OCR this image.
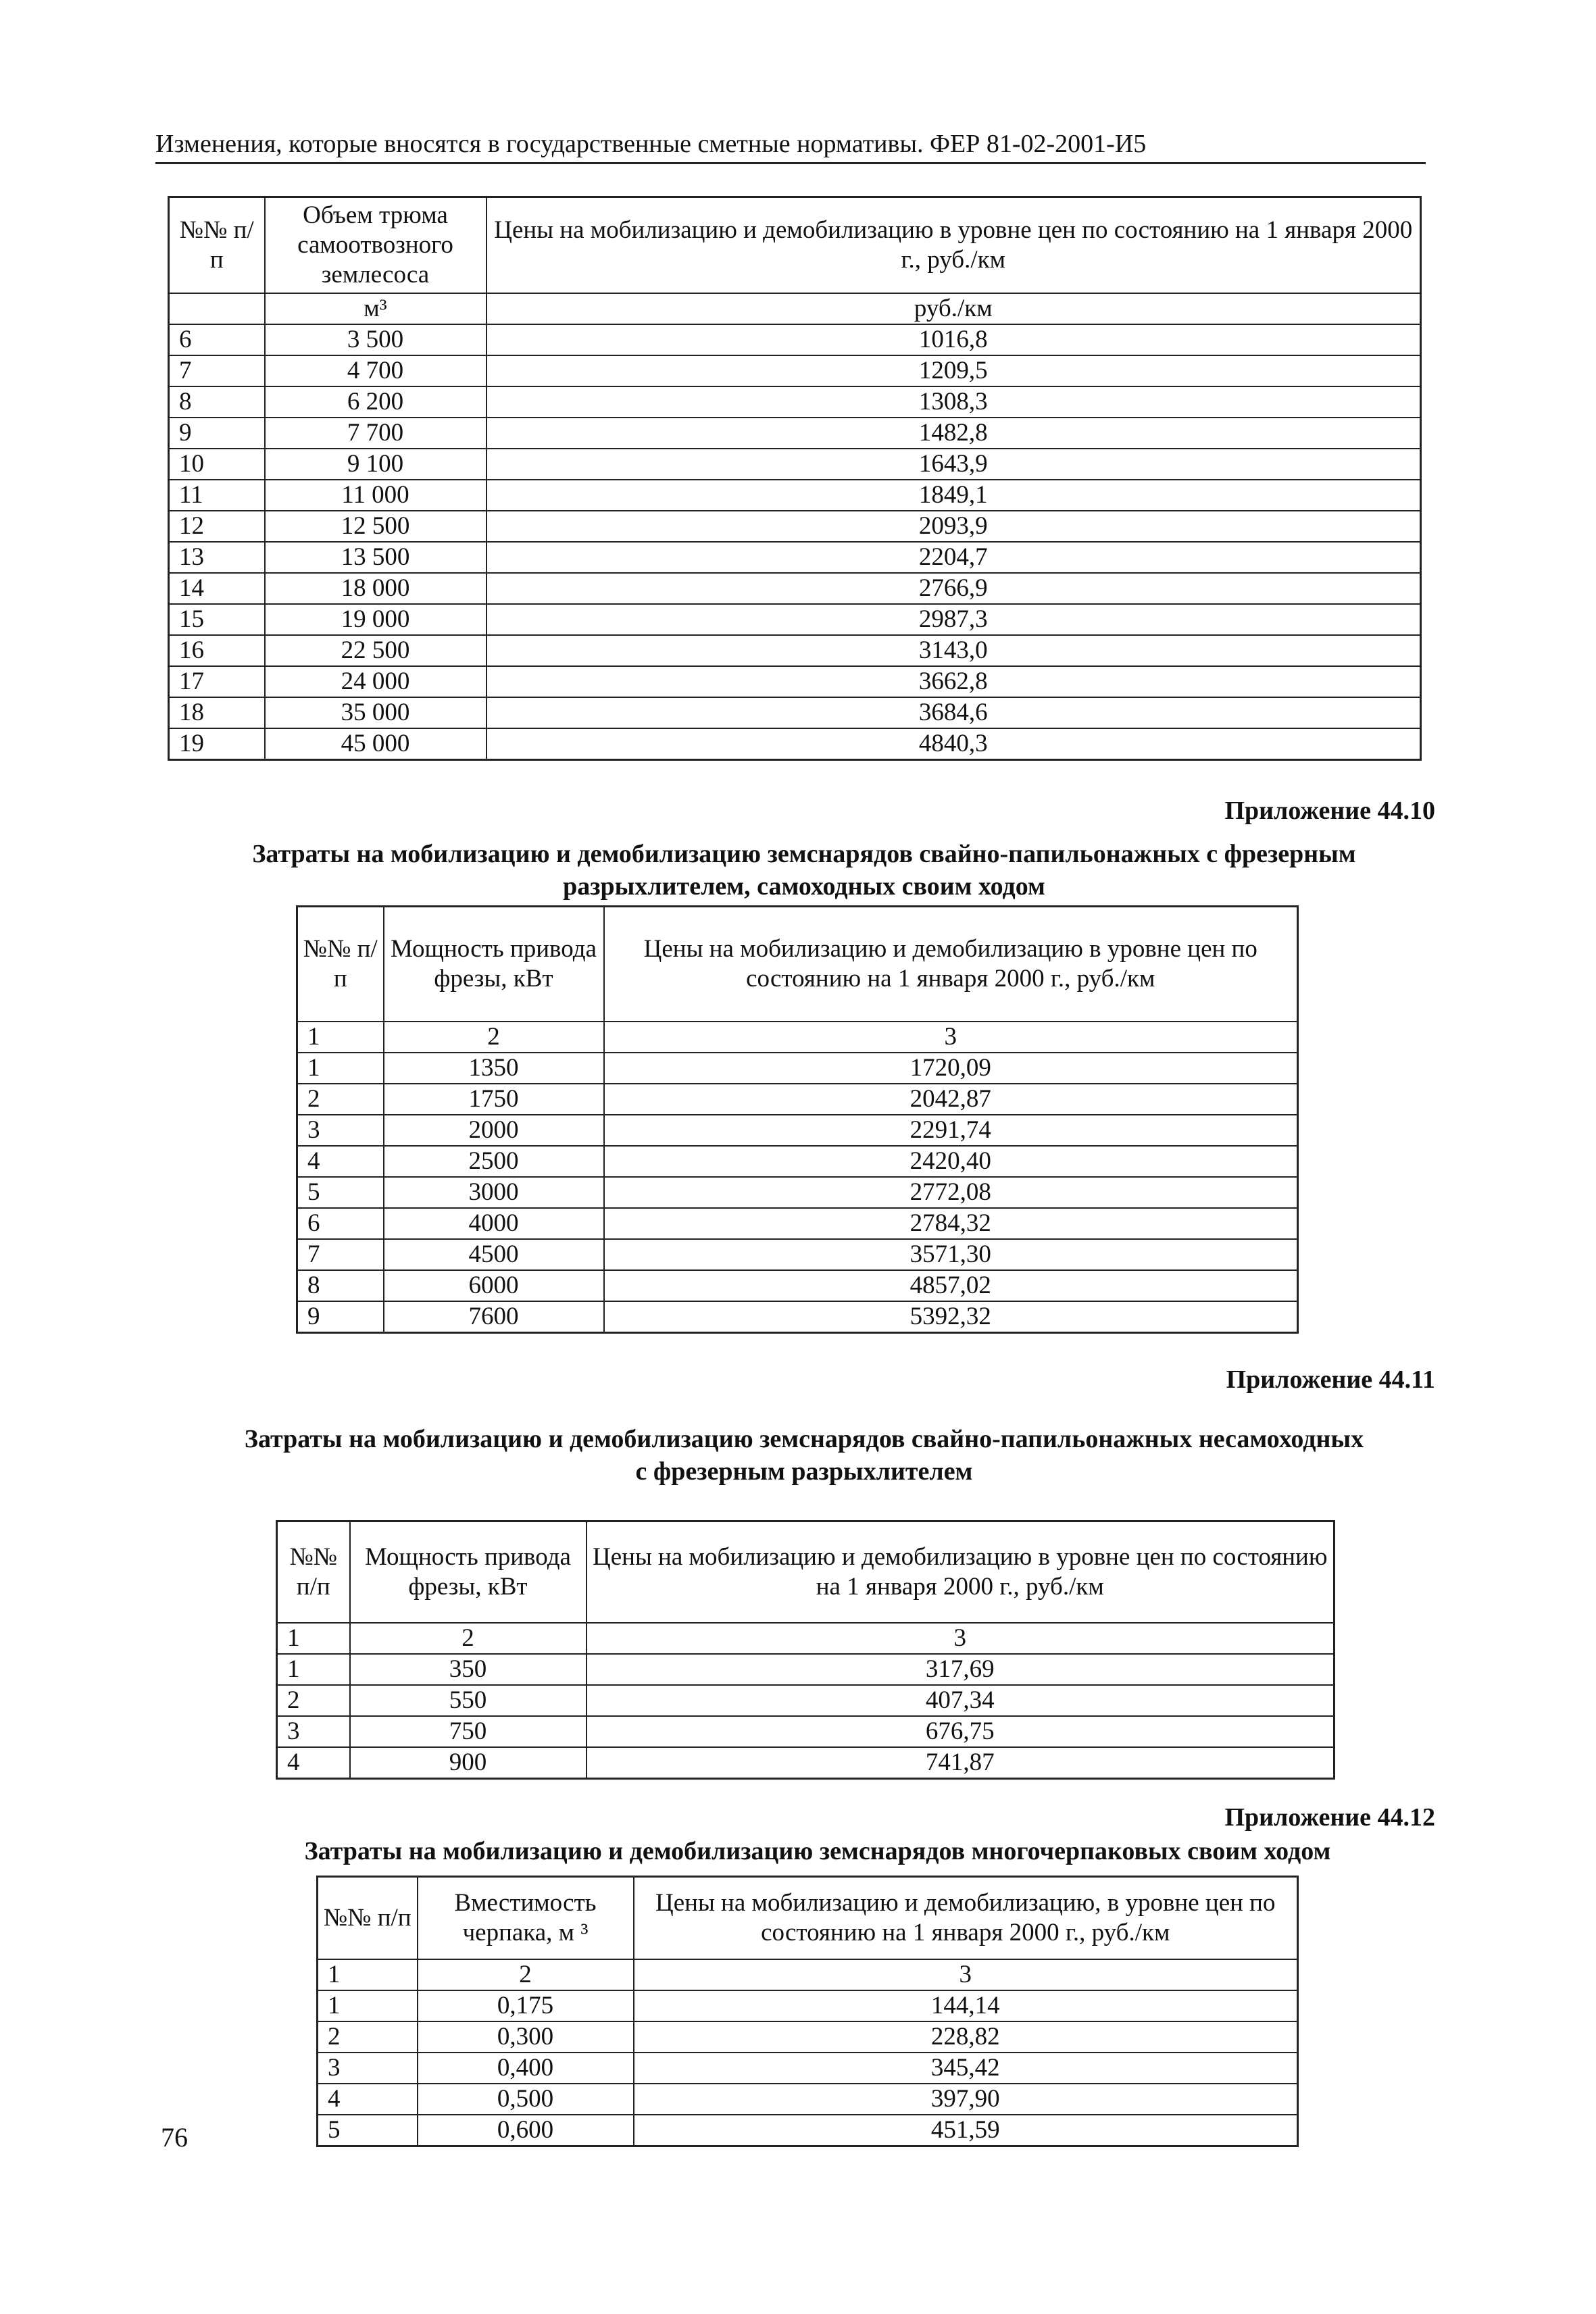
Изменения, которые вносятся в государственные сметные нормативы. ФЕР 81-02-2001-И5
№№ п/п	Объем трюма самоотвозного землесоса	Цены на мобилизацию и демобилизацию в уровне цен по состоянию на 1 января 2000 г., руб./км
	м³	руб./км
6	3 500	1016,8
7	4 700	1209,5
8	6 200	1308,3
9	7 700	1482,8
10	9 100	1643,9
11	11 000	1849,1
12	12 500	2093,9
13	13 500	2204,7
14	18 000	2766,9
15	19 000	2987,3
16	22 500	3143,0
17	24 000	3662,8
18	35 000	3684,6
19	45 000	4840,3
Приложение 44.10
Затраты на мобилизацию и демобилизацию земснарядов свайно-папильонажных с фрезерным разрыхлителем, самоходных своим ходом
№№ п/п	Мощность привода фрезы, кВт	Цены на мобилизацию и демобилизацию в уровне цен по состоянию на 1 января 2000 г., руб./км
1	2	3
1	1350	1720,09
2	1750	2042,87
3	2000	2291,74
4	2500	2420,40
5	3000	2772,08
6	4000	2784,32
7	4500	3571,30
8	6000	4857,02
9	7600	5392,32
Приложение 44.11
Затраты на мобилизацию и демобилизацию земснарядов свайно-папильонажных несамоходных
с фрезерным разрыхлителем
№№ п/п	Мощность привода фрезы, кВт	Цены на мобилизацию и демобилизацию в уровне цен по состоянию на 1 января 2000 г., руб./км
1	2	3
1	350	317,69
2	550	407,34
3	750	676,75
4	900	741,87
Приложение 44.12
Затраты на мобилизацию и демобилизацию земснарядов многочерпаковых своим ходом
№№ п/п	Вместимость черпака, м ³	Цены на мобилизацию и демобилизацию, в уровне цен по состоянию на 1 января 2000 г., руб./км
1	2	3
1	0,175	144,14
2	0,300	228,82
3	0,400	345,42
4	0,500	397,90
5	0,600	451,59
76
